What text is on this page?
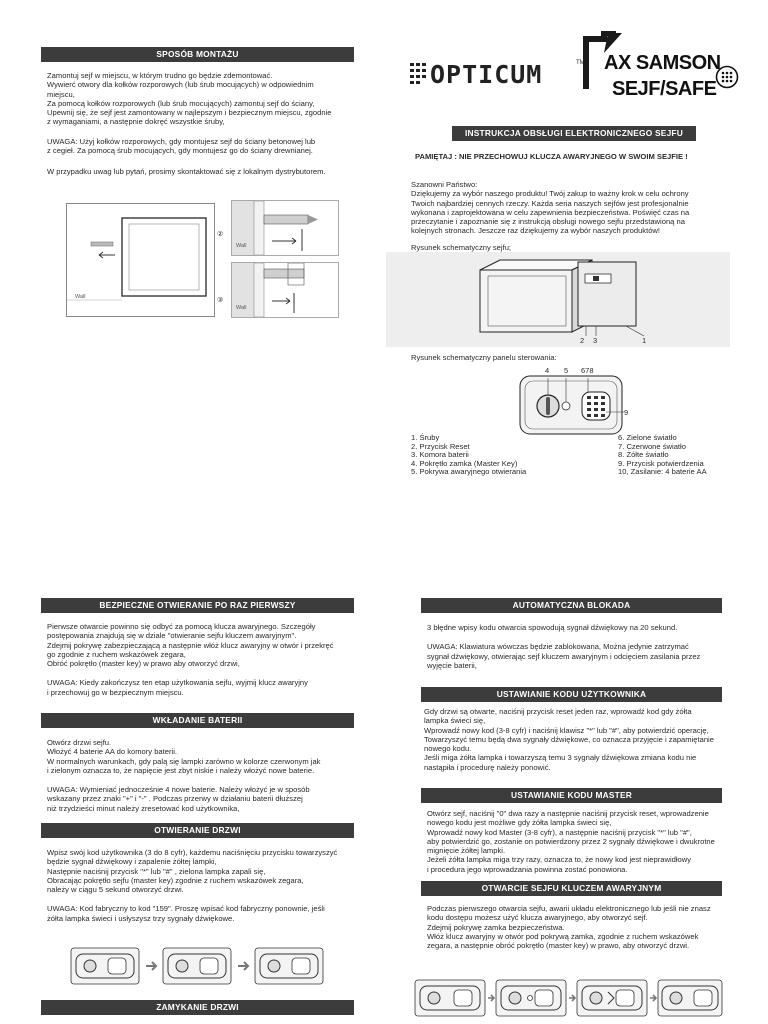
SPOSÓB MONTAŻU

Zamontuj sejf w miejscu, w którym trudno go będzie zdemontować.
Wywierć otwory dla kołków rozporowych (lub śrub mocujących) w odpowiednim
miejscu,
Za pomocą kołków rozporowych (lub śrub mocujących) zamontuj sejf do ściany,
Upewnij się, że sejf jest zamontowany w najlepszym i bezpiecznym miejscu, zgodnie
z wymaganiami, a następnie dokręć wszystkie śruby,

UWAGA: Użyj kołków rozporowych, gdy montujesz sejf do ściany betonowej lub
z cegieł. Za pomocą śrub mocujących, gdy montujesz go do ściany drewnianej.

W przypadku uwag lub pytań, prosimy skontaktować się z lokalnym dystrybutorem.

Wall
Wall
②
Wall
③
OPTICUM	TM AX SAMSON
SEJF/SAFE
INSTRUKCJA OBSŁUGI ELEKTRONICZNEGO SEJFU
PAMIĘTAJ : NIE PRZECHOWUJ KLUCZA AWARYJNEGO W SWOIM SEJFIE !

Szanowni Państwo:
Dziękujemy za wybór naszego produktu! Twój zakup to ważny krok w celu ochrony
Twoich najbardziej cennych rzeczy. Każda seria naszych sejfów jest profesjonalnie
wykonana i zaprojektowana w celu zapewnienia bezpieczeństwa. Poświęć czas na
przeczytanie i zapoznanie się z instrukcją obsługi nowego sejfu przedstawioną na
kolejnych stronach. Jeszcze raz dziękujemy za wybór naszych produktów!

Rysunek schematyczny sejfu;

2 3	1
Rysunek schematyczny panelu sterowania:
4 5 678
9
1. Śruby
2. Przycisk Reset
3. Komora baterii
4. Pokrętło zamka (Master Key)
5. Pokrywa awaryjnego otwierania
6. Zielone światło
7. Czerwone światło
8. Żółte światło
9. Przycisk potwierdzenia
10, Zasilanie: 4 baterie AA
BEZPIECZNE OTWIERANIE PO RAZ PIERWSZY

Pierwsze otwarcie powinno się odbyć za pomocą klucza awaryjnego. Szczegóły
postępowania znajdują się w dziale "otwieranie sejfu kluczem awaryjnym".
Zdejmij pokrywę zabezpieczającą a następnie włóż klucz awaryjny w otwór i przekręć
go zgodnie z ruchem wskazówek zegara,
Obróć pokrętło (master key) w prawo aby otworzyć drzwi,

UWAGA: Kiedy zakończysz ten etap użytkowania sejfu, wyjmij klucz awaryjny
i przechowuj go w bezpiecznym miejscu.

WKŁADANIE BATERII

Otwórz drzwi sejfu.
Włożyć 4 baterie AA do komory baterii.
W normalnych warunkach, gdy palą się lampki zarówno w kolorze czerwonym jak
i zielonym oznacza to, że napięcie jest zbyt niskie i należy włożyć nowe baterie.

UWAGA: Wymieniać jednocześnie 4 nowe baterie. Należy włożyć je w sposób
wskazany przez znaki "+" i "-" . Podczas przerwy w działaniu baterii dłuższej
niż trzydzieści minut należy zresetować kod użytkownika,

OTWIERANIE DRZWI

Wpisz swój kod użytkownika (3 do 8 cyfr), każdemu naciśnięciu przycisku towarzyszyć
będzie sygnał dźwiękowy i zapalenie żółtej lampki,
Następnie naciśnij przycisk "*" lub "#" , zielona lampka zapali się,
Obracając pokrętło sejfu (master key) zgodnie z ruchem wskazówek zegara,
należy w ciągu 5 sekund otworzyć drzwi.

UWAGA: Kod fabryczny to kod "159". Proszę wpisać kod fabryczny ponownie, jeśli
żółta lampka świeci i usłyszysz trzy sygnały dźwiękowe.

ZAMYKANIE DRZWI
AUTOMATYCZNA BLOKADA

3 błędne wpisy kodu otwarcia spowodują sygnał dźwiękowy na 20 sekund.

UWAGA: Klawiatura wówczas będzie zablokowana, Można jedynie zatrzymać
sygnał dźwiękowy, otwierając sejf kluczem awaryjnym i odcięciem zasilania przez
wyjęcie baterii,

USTAWIANIE KODU UŻYTKOWNIKA

Gdy drzwi są otwarte, naciśnij przycisk reset jeden raz, wprowadź kod gdy żółta
lampka świeci się,
Wprowadź nowy kod (3-8 cyfr) i naciśnij klawisz "*" lub "#", aby potwierdzić operację,
Towarzyszyć temu będą dwa sygnały dźwiękowe, co oznacza przyjęcie i zapamiętanie
nowego kodu.
Jeśli miga żółta lampka i towarzyszą temu 3 sygnały dźwiękowa zmiana kodu nie
nastąpiła i procedurę należy ponowić.

USTAWIANIE KODU MASTER

Otwórz sejf, naciśnij "0" dwa razy a następnie naciśnij przycisk reset, wprowadzenie
nowego kodu jest możliwe gdy żółta lampka świeci się,
Wprowadź nowy kod Master (3-8 cyfr), a następnie naciśnij przycisk "*" lub "#",
aby potwierdzić go, zostanie on potwierdzony przez 2 sygnały dźwiękowe i dwukrotne
mignięcie żółtej lampki.
Jeżeli żółta lampka miga trzy razy, oznacza to, że nowy kod jest nieprawidłowy
i procedura jego wprowadzania powinna zostać ponowiona.

OTWARCIE SEJFU KLUCZEM AWARYJNYM

Podczas pierwszego otwarcia sejfu, awarii układu elektronicznego lub jeśli nie znasz
kodu dostępu możesz użyć klucza awaryjnego, aby otworzyć sejf.
Zdejmij pokrywę zamka bezpieczeństwa.
Włóż klucz awaryjny w otwór pod pokrywą zamka, zgodnie z ruchem wskazówek
zegara, a następnie obróć pokrętło (master key) w prawo, aby otworzyć drzwi.
